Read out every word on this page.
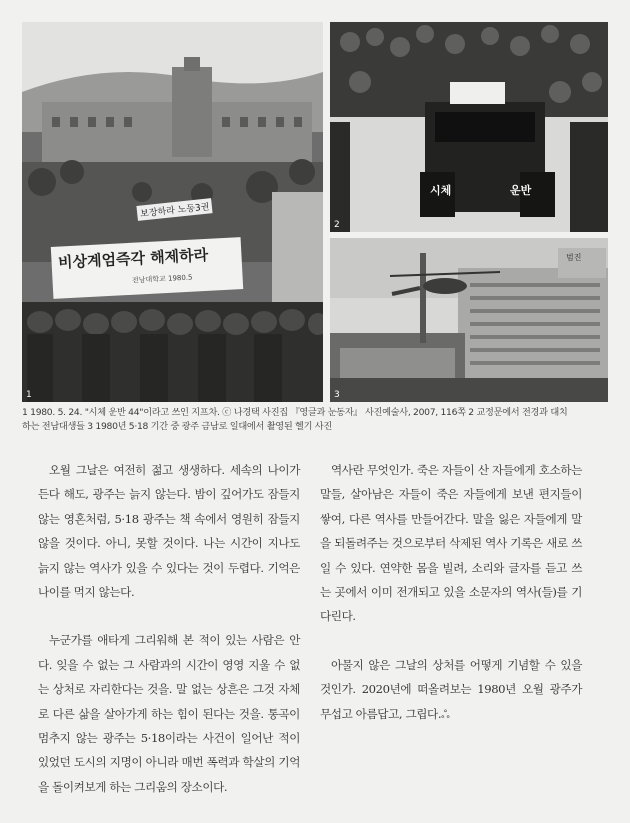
비상계엄즉각 해제하라
전남대학교 1980.5
보장하라 노동3권
1
시체	운반
2
범진
3
1 1980. 5. 24. "시체 운반 44"이라고 쓰인 지프차. ⓒ 나경택 사진집 『영글과 눈동자』 사진예술사, 2007, 116쪽 2 교정문에서 전경과 대치
하는 전남대생들 3 1980년 5·18 기간 중 광주 금남로 일대에서 촬영된 헬기 사진

오월 그날은 여전히 젊고 생생하다. 세속의 나이가 든다 해도, 광주는 늙지 않는다. 밤이 깊어가도 잠들지 않는 영혼처럼, 5·18 광주는 책 속에서 영원히 잠들지 않을 것이다. 아니, 못할 것이다. 나는 시간이 지나도 늙지 않는 역사가 있을 수 있다는 것이 두렵다. 기억은 나이를 먹지 않는다.

누군가를 애타게 그리워해 본 적이 있는 사람은 안다. 잊을 수 없는 그 사람과의 시간이 영영 지울 수 없는 상처로 자리한다는 것을. 말 없는 상흔은 그것 자체로 다른 삶을 살아가게 하는 힘이 된다는 것을. 통곡이 멈추지 않는 광주는 5·18이라는 사건이 일어난 적이 있었던 도시의 지명이 아니라 매번 폭력과 학살의 기억을 돌이켜보게 하는 그리움의 장소이다.

역사란 무엇인가. 죽은 자들이 산 자들에게 호소하는 말들, 살아남은 자들이 죽은 자들에게 보낸 편지들이 쌓여, 다른 역사를 만들어간다. 말을 잃은 자들에게 말을 되돌려주는 것으로부터 삭제된 역사 기록은 새로 쓰일 수 있다. 연약한 몸을 빌려, 소리와 글자를 듣고 쓰는 곳에서 이미 전개되고 있을 소문자의 역사(들)를 기다린다.

아물지 않은 그날의 상처를 어떻게 기념할 수 있을 것인가. 2020년에 떠올려보는 1980년 오월 광주가 무섭고 아름답고, 그립다.ஃ
